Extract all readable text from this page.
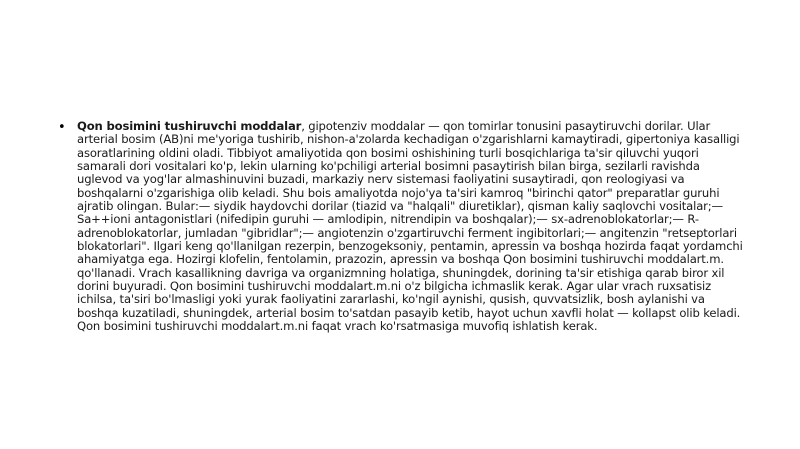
• Qon bosimini tushiruvchi moddalar, gipotenziv moddalar — qon tomirlar tonusini pasaytiruvchi dorilar. Ular arterial bosim (AB)ni me'yoriga tushirib, nishon-a'zolarda kechadigan o'zgarishlarni kamaytiradi, gipertoniya kasalligi asoratlarining oldini oladi. Tibbiyot amaliyotida qon bosimi oshishining turli bosqichlariga ta'sir qiluvchi yuqori samarali dori vositalari ko'p, lekin ularning ko'pchiligi arterial bosimni pasaytirish bilan birga, sezilarli ravishda uglevod va yog'lar almashinuvini buzadi, markaziy nerv sistemasi faoliyatini susaytiradi, qon reologiyasi va boshqalarni o'zgarishiga olib keladi. Shu bois amaliyotda nojo'ya ta'siri kamroq "birinchi qator" preparatlar guruhi ajratib olingan. Bular:— siydik haydovchi dorilar (tiazid va "halqali" diuretiklar), qisman kaliy saqlovchi vositalar;—Sa++ioni antagonistlari (nifedipin guruhi — amlodipin, nitrendipin va boshqalar);— sx-adrenoblokatorlar;— R-adrenoblokatorlar, jumladan "gibridlar";— angiotenzin o'zgartiruvchi ferment ingibitorlari;— angitenzin "retseptorlari blokatorlari". Ilgari keng qo'llanilgan rezerpin, benzogeksoniy, pentamin, apressin va boshqa hozirda faqat yordamchi ahamiyatga ega. Hozirgi klofelin, fentolamin, prazozin, apressin va boshqa Qon bosimini tushiruvchi moddalart.m. qo'llanadi. Vrach kasallikning davriga va organizmning holatiga, shuningdek, dorining ta'sir etishiga qarab biror xil dorini buyuradi. Qon bosimini tushiruvchi moddalart.m.ni o'z bilgicha ichmaslik kerak. Agar ular vrach ruxsatisiz ichilsa, ta'siri bo'lmasligi yoki yurak faoliyatini zararlashi, ko'ngil aynishi, qusish, quvvatsizlik, bosh aylanishi va boshqa kuzatiladi, shuningdek, arterial bosim to'satdan pasayib ketib, hayot uchun xavfli holat — kollapst olib keladi. Qon bosimini tushiruvchi moddalart.m.ni faqat vrach ko'rsatmasiga muvofiq ishlatish kerak.
